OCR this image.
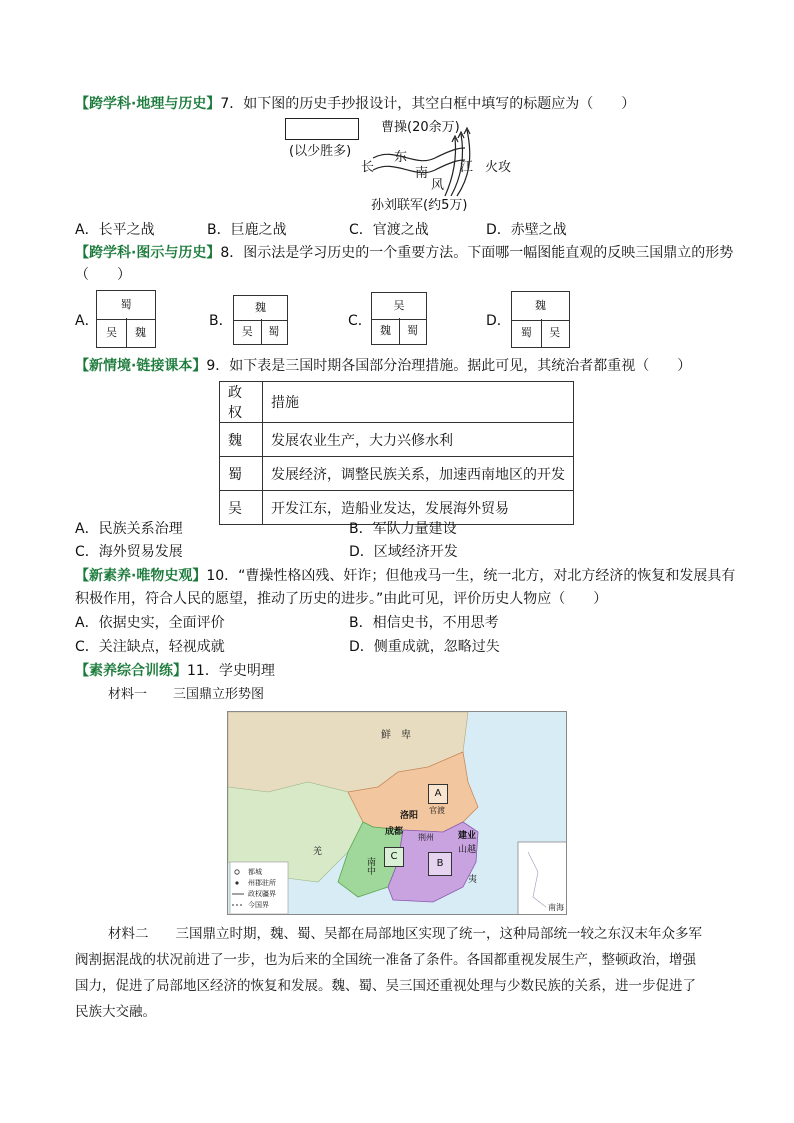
【跨学科·地理与历史】7．如下图的历史手抄报设计，其空白框中填写的标题应为（　　）
(以少胜多)
曹操(20余万)
长
东
南
风
江 火攻
孙刘联军(约5万)
A．长平之战	B．巨鹿之战	C．官渡之战	D．赤壁之战
【跨学科·图示与历史】8．图示法是学习历史的一个重要方法。下面哪一幅图能直观的反映三国鼎立的形势
（　　）
A．
蜀
吴	魏
B．
魏
吴	蜀
C．
吴
魏	蜀
D．
魏
蜀	吴
【新情境·链接课本】9．如下表是三国时期各国部分治理措施。据此可见，其统治者都重视（　　）
政权	措施
魏	发展农业生产，大力兴修水利
蜀	发展经济，调整民族关系，加速西南地区的开发
吴	开发江东，造船业发达，发展海外贸易
A．民族关系治理	B．军队力量建设
C．海外贸易发展	D．区域经济开发
【新素养·唯物史观】10．“曹操性格凶残、奸诈；但他戎马一生，统一北方，对北方经济的恢复和发展具有
积极作用，符合人民的愿望，推动了历史的进步。”由此可见，评价历史人物应（　　）
A．依据史实，全面评价	B．相信史书，不用思考
C．关注缺点，轻视成就	D．侧重成就，忽略过失
【素养综合训练】11．学史明理
材料一　　三国鼎立形势图
鲜　卑
A
官渡
洛阳
成都
荆州	建业
山越
羌
夷
C
南中	B
南海
都城
州郡驻所
政权疆界
今国界
材料二　　三国鼎立时期，魏、蜀、吴都在局部地区实现了统一，这种局部统一较之东汉末年众多军
阀割据混战的状况前进了一步，也为后来的全国统一准备了条件。各国都重视发展生产，整顿政治，增强
国力，促进了局部地区经济的恢复和发展。魏、蜀、吴三国还重视处理与少数民族的关系，进一步促进了
民族大交融。
